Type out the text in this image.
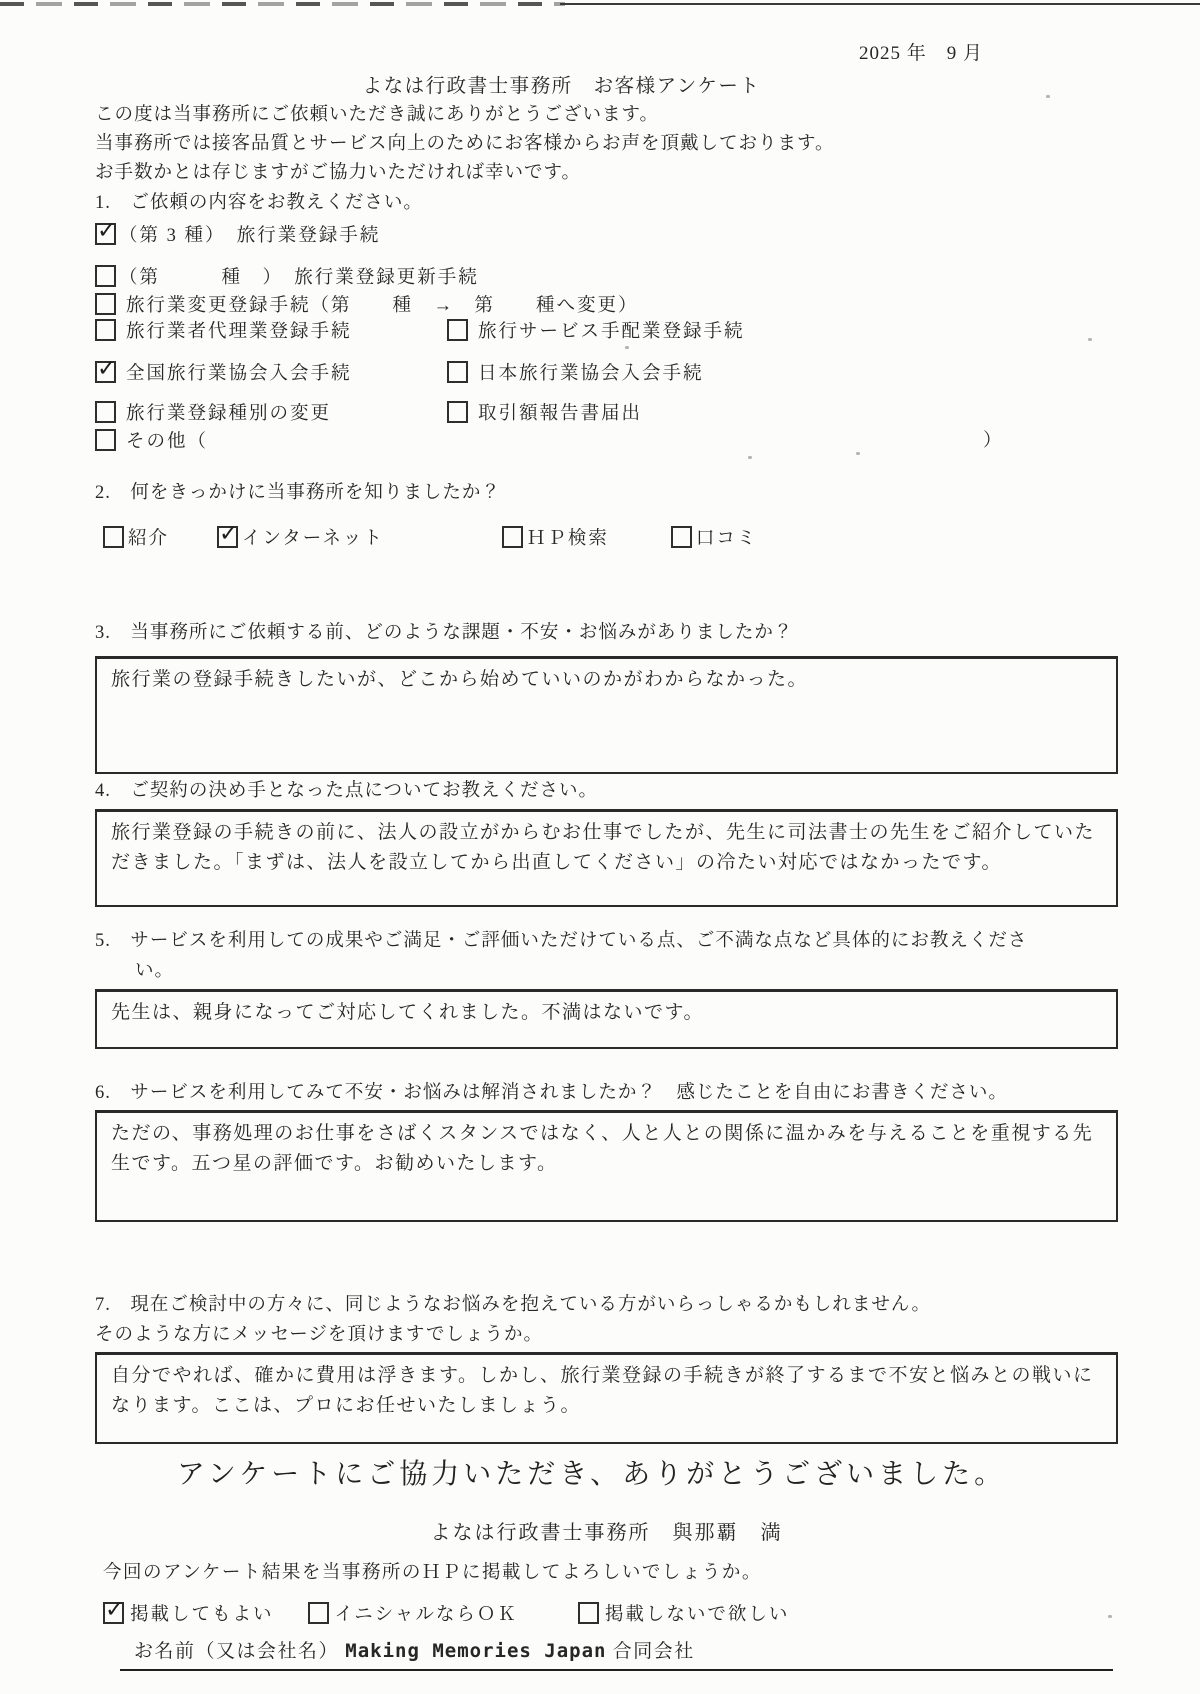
2025 年　9 月
よなは行政書士事務所　お客様アンケート
この度は当事務所にご依頼いただき誠にありがとうございます。
当事務所では接客品質とサービス向上のためにお客様からお声を頂戴しております。
お手数かとは存じますがご協力いただければ幸いです。
1.　ご依頼の内容をお教えください。
✓
（第 3 種）　旅行業登録手続
（第　　　種　）　旅行業登録更新手続
旅行業変更登録手続（第　　種　→　第　　種へ変更）
旅行業者代理業登録手続	旅行サービス手配業登録手続
✓
全国旅行業協会入会手続	日本旅行業協会入会手続
旅行業登録種別の変更	取引額報告書届出
その他（	）
2.　何をきっかけに当事務所を知りましたか？
紹介 ✓	インターネット	ＨＰ検索	口コミ
3.　当事務所にご依頼する前、どのような課題・不安・お悩みがありましたか？
旅行業の登録手続きしたいが、どこから始めていいのかがわからなかった。
4.　ご契約の決め手となった点についてお教えください。
旅行業登録の手続きの前に、法人の設立がからむお仕事でしたが、先生に司法書士の先生をご紹介していただきました。「まずは、法人を設立してから出直してください」の冷たい対応ではなかったです。
5.　サービスを利用しての成果やご満足・ご評価いただけている点、ご不満な点など具体的にお教えください。
先生は、親身になってご対応してくれました。不満はないです。
6.　サービスを利用してみて不安・お悩みは解消されましたか？　感じたことを自由にお書きください。
ただの、事務処理のお仕事をさばくスタンスではなく、人と人との関係に温かみを与えることを重視する先生です。五つ星の評価です。お勧めいたします。
7.　現在ご検討中の方々に、同じようなお悩みを抱えている方がいらっしゃるかもしれません。
そのような方にメッセージを頂けますでしょうか。
自分でやれば、確かに費用は浮きます。しかし、旅行業登録の手続きが終了するまで不安と悩みとの戦いになります。ここは、プロにお任せいたしましょう。
アンケートにご協力いただき、ありがとうございました。
よなは行政書士事務所　與那覇　満
今回のアンケート結果を当事務所のＨＰに掲載してよろしいでしょうか。
✓
掲載してもよい	イニシャルならＯＫ	掲載しないで欲しい
お名前（又は会社名） Making Memories Japan 合同会社
